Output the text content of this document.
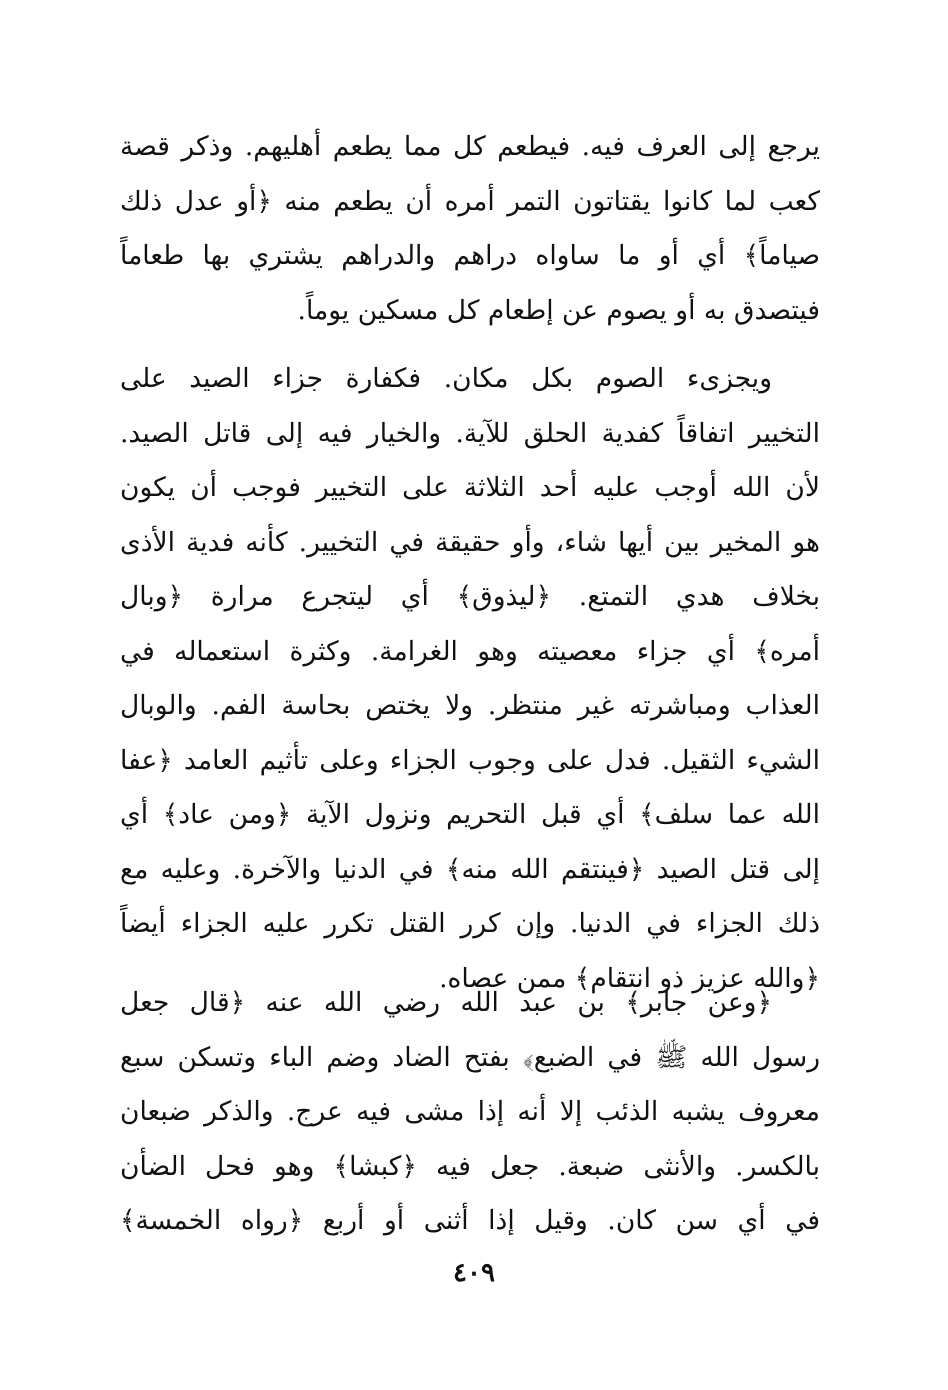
يرجع إلى العرف فيه. فيطعم كل مما يطعم أهليهم. وذكر قصة
كعب لما كانوا يقتاتون التمر أمره أن يطعم منه ﴿أو عدل ذلك
صياماً﴾ أي أو ما ساواه دراهم والدراهم يشتري بها طعاماً
فيتصدق به أو يصوم عن إطعام كل مسكين يوماً.

ويجزىء الصوم بكل مكان. فكفارة جزاء الصيد على
التخيير اتفاقاً كفدية الحلق للآية. والخيار فيه إلى قاتل الصيد.
لأن الله أوجب عليه أحد الثلاثة على التخيير فوجب أن يكون
هو المخير بين أيها شاء، وأو حقيقة في التخيير. كأنه فدية الأذى
بخلاف هدي التمتع. ﴿ليذوق﴾ أي ليتجرع مرارة ﴿وبال
أمره﴾ أي جزاء معصيته وهو الغرامة. وكثرة استعماله في
العذاب ومباشرته غير منتظر. ولا يختص بحاسة الفم. والوبال
الشيء الثقيل. فدل على وجوب الجزاء وعلى تأثيم العامد ﴿عفا
الله عما سلف﴾ أي قبل التحريم ونزول الآية ﴿ومن عاد﴾ أي
إلى قتل الصيد ﴿فينتقم الله منه﴾ في الدنيا والآخرة. وعليه مع
ذلك الجزاء في الدنيا. وإن كرر القتل تكرر عليه الجزاء أيضاً
﴿والله عزيز ذو انتقام﴾ ممن عصاه.

﴿وعن جابر﴾ بن عبد الله رضي الله عنه ﴿قال جعل
رسول الله ﷺ في الضبع﴾ بفتح الضاد وضم الباء وتسكن سبع
معروف يشبه الذئب إلا أنه إذا مشى فيه عرج. والذكر ضبعان
بالكسر. والأنثى ضبعة. جعل فيه ﴿كبشا﴾ وهو فحل الضأن
في أي سن كان. وقيل إذا أثنى أو أربع ﴿رواه الخمسة﴾

٤٠٩
